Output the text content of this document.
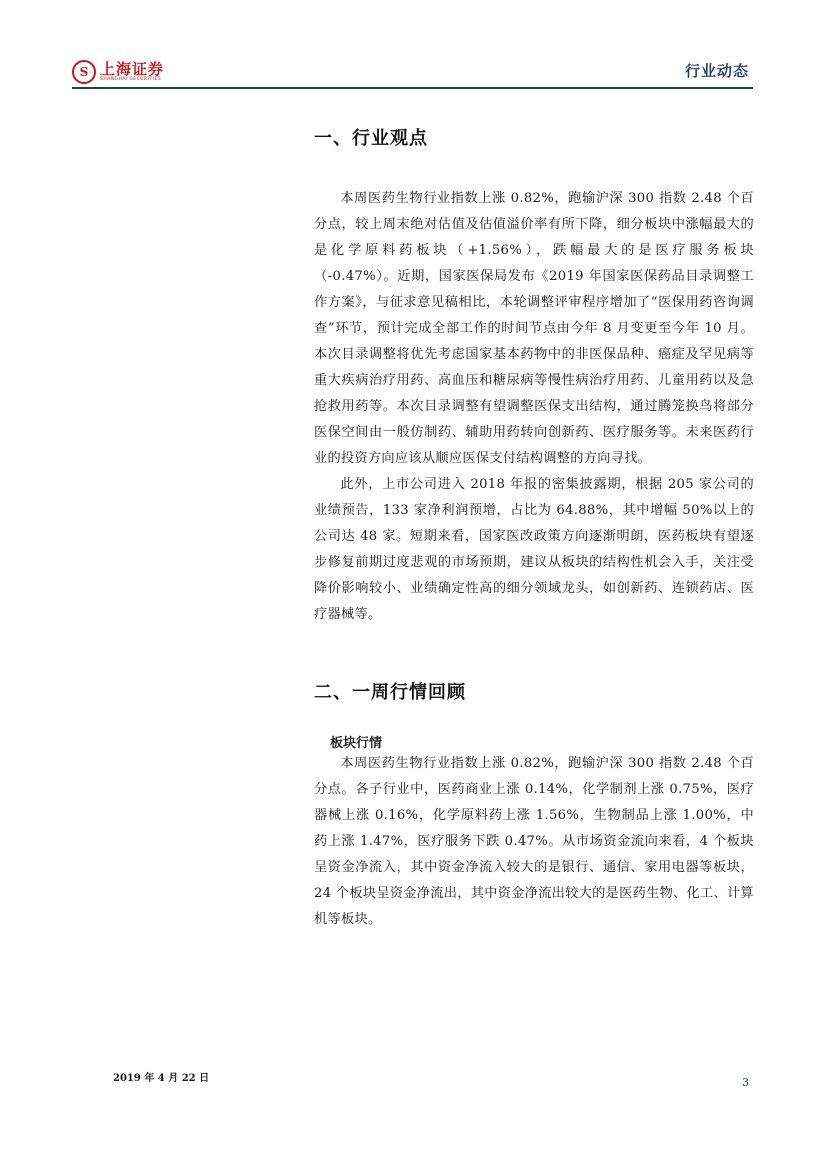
S 上海证券
SHANGHAI SECURITIES	行业动态
一、行业观点

本周医药生物行业指数上涨 0.82%，跑输沪深 300 指数 2.48 个百分点，较上周末绝对估值及估值溢价率有所下降，细分板块中涨幅最大的是化学原料药板块（+1.56%），跌幅最大的是医疗服务板块（-0.47%）。近期，国家医保局发布《2019 年国家医保药品目录调整工作方案》，与征求意见稿相比，本轮调整评审程序增加了“医保用药咨询调查”环节，预计完成全部工作的时间节点由今年 8 月变更至今年 10 月。本次目录调整将优先考虑国家基本药物中的非医保品种、癌症及罕见病等重大疾病治疗用药、高血压和糖尿病等慢性病治疗用药、儿童用药以及急抢救用药等。本次目录调整有望调整医保支出结构，通过腾笼换鸟将部分医保空间由一般仿制药、辅助用药转向创新药、医疗服务等。未来医药行业的投资方向应该从顺应医保支付结构调整的方向寻找。

此外，上市公司进入 2018 年报的密集披露期，根据 205 家公司的业绩预告，133 家净利润预增，占比为 64.88%，其中增幅 50%以上的公司达 48 家。短期来看，国家医改政策方向逐渐明朗，医药板块有望逐步修复前期过度悲观的市场预期，建议从板块的结构性机会入手，关注受降价影响较小、业绩确定性高的细分领域龙头，如创新药、连锁药店、医疗器械等。

二、一周行情回顾

板块行情

本周医药生物行业指数上涨 0.82%，跑输沪深 300 指数 2.48 个百分点。各子行业中，医药商业上涨 0.14%，化学制剂上涨 0.75%，医疗器械上涨 0.16%，化学原料药上涨 1.56%，生物制品上涨 1.00%，中药上涨 1.47%，医疗服务下跌 0.47%。从市场资金流向来看，4 个板块呈资金净流入，其中资金净流入较大的是银行、通信、家用电器等板块，24 个板块呈资金净流出，其中资金净流出较大的是医药生物、化工、计算机等板块。

2019 年 4 月 22 日	3
